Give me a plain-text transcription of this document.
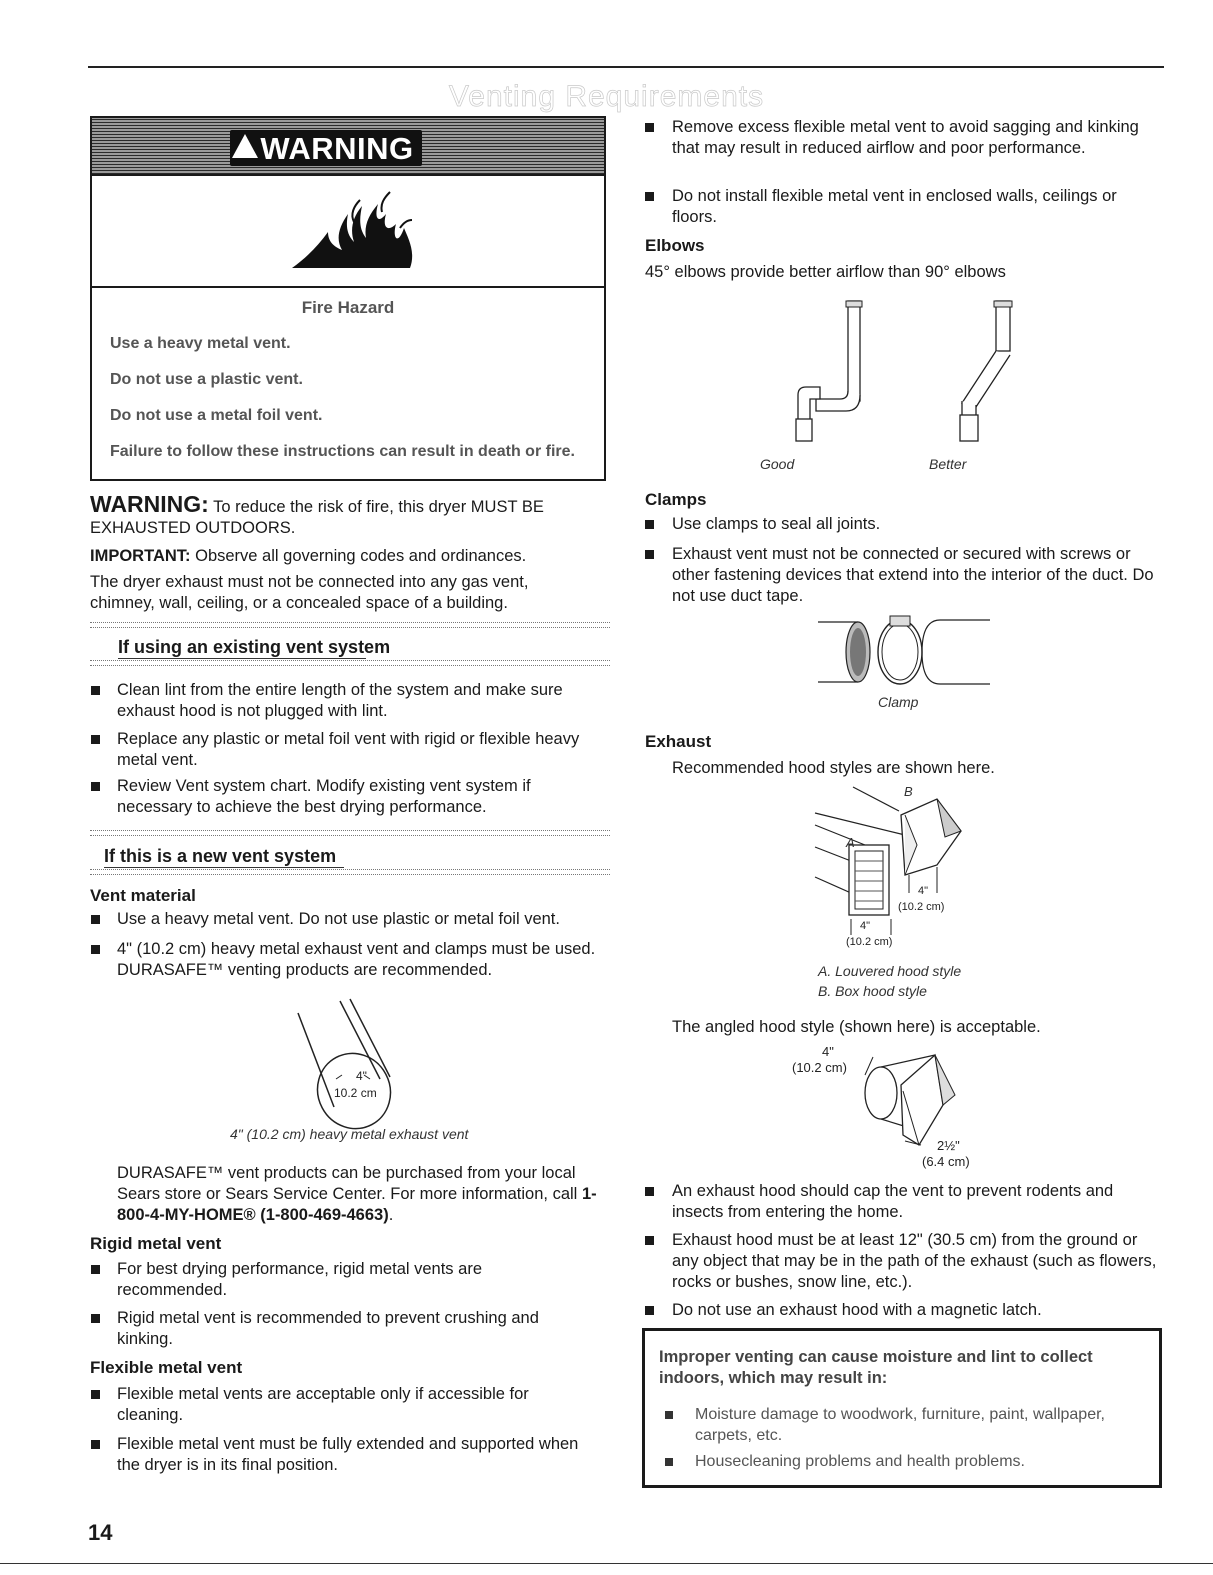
Venting Requirements
WARNING
Fire Hazard
Use a heavy metal vent.
Do not use a plastic vent.
Do not use a metal foil vent.
Failure to follow these instructions can result in death or fire.
WARNING: To reduce the risk of fire, this dryer MUST BE EXHAUSTED OUTDOORS.
IMPORTANT: Observe all governing codes and ordinances.
The dryer exhaust must not be connected into any gas vent, chimney, wall, ceiling, or a concealed space of a building.
If using an existing vent system
Clean lint from the entire length of the system and make sure exhaust hood is not plugged with lint.
Replace any plastic or metal foil vent with rigid or flexible heavy metal vent.
Review Vent system chart. Modify existing vent system if necessary to achieve the best drying performance.
If this is a new vent system
Vent material
Use a heavy metal vent. Do not use plastic or metal foil vent.
4" (10.2 cm) heavy metal exhaust vent and clamps must be used. DURASAFE™ venting products are recommended.
4"
10.2 cm
4" (10.2 cm) heavy metal exhaust vent
DURASAFE™ vent products can be purchased from your local Sears store or Sears Service Center. For more information, call 1-800-4-MY-HOME® (1-800-469-4663).
Rigid metal vent
For best drying performance, rigid metal vents are recommended.
Rigid metal vent is recommended to prevent crushing and kinking.
Flexible metal vent
Flexible metal vents are acceptable only if accessible for cleaning.
Flexible metal vent must be fully extended and supported when the dryer is in its final position.
Remove excess flexible metal vent to avoid sagging and kinking that may result in reduced airflow and poor performance.
Do not install flexible metal vent in enclosed walls, ceilings or floors.
Elbows
45° elbows provide better airflow than 90° elbows
Good	Better
Clamps
Use clamps to seal all joints.
Exhaust vent must not be connected or secured with screws or other fastening devices that extend into the interior of the duct. Do not use duct tape.
Clamp
Exhaust
Recommended hood styles are shown here.
B
A
4"
(10.2 cm)
4"
(10.2 cm)
A. Louvered hood style
B. Box hood style
The angled hood style (shown here) is acceptable.
4"
(10.2 cm)
2½"
(6.4 cm)
An exhaust hood should cap the vent to prevent rodents and insects from entering the home.
Exhaust hood must be at least 12" (30.5 cm) from the ground or any object that may be in the path of the exhaust (such as flowers, rocks or bushes, snow line, etc.).
Do not use an exhaust hood with a magnetic latch.
Improper venting can cause moisture and lint to collect indoors, which may result in:
Moisture damage to woodwork, furniture, paint, wallpaper, carpets, etc.
Housecleaning problems and health problems.
14
